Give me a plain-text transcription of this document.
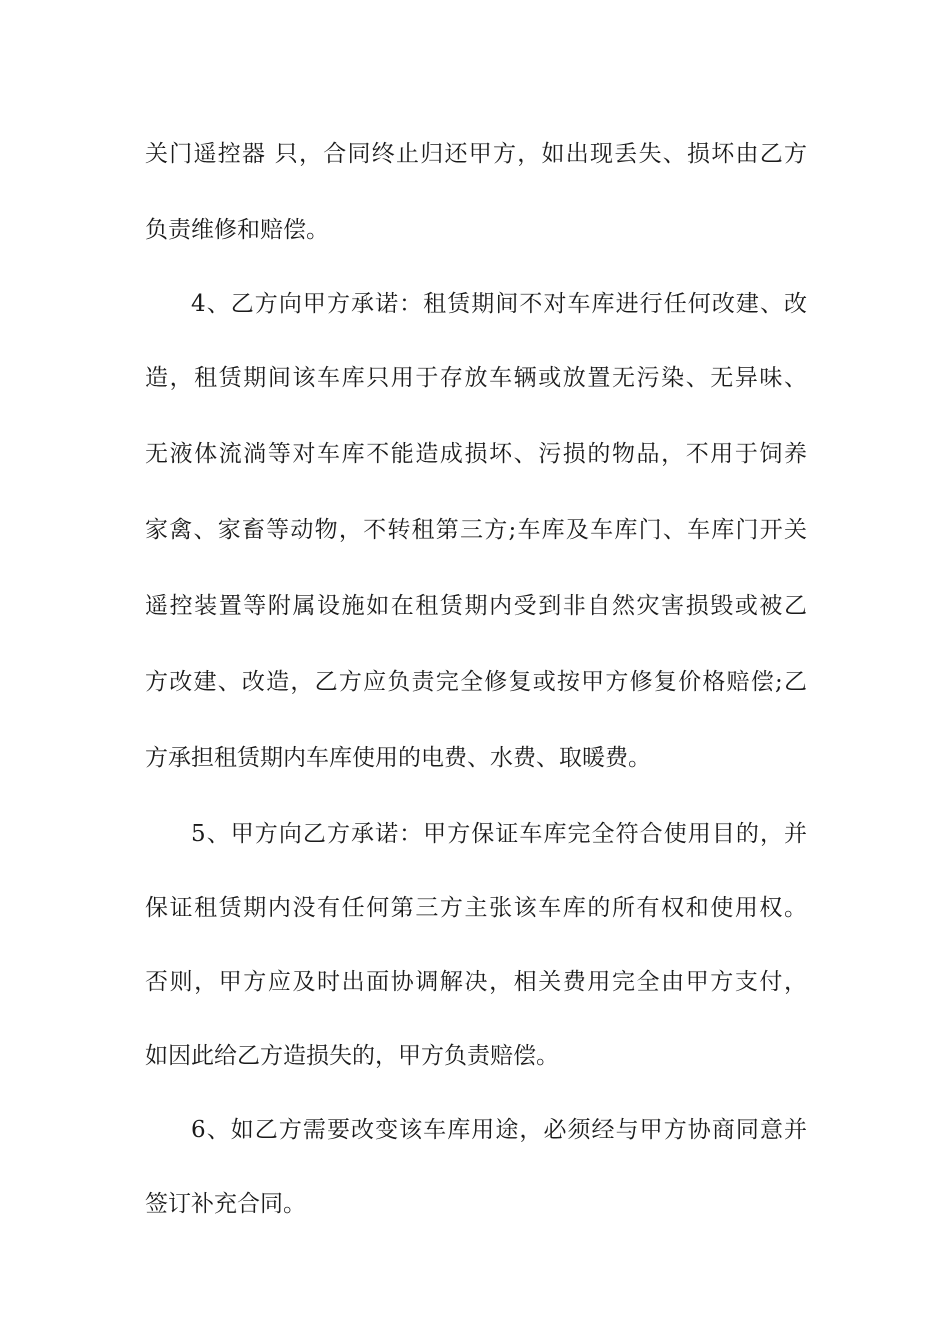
关门遥控器 只，合同终止归还甲方，如出现丢失、损坏由乙方
负责维修和赔偿。
4、乙方向甲方承诺：租赁期间不对车库进行任何改建、改
造，租赁期间该车库只用于存放车辆或放置无污染、无异味、
无液体流淌等对车库不能造成损坏、污损的物品，不用于饲养
家禽、家畜等动物，不转租第三方;车库及车库门、车库门开关
遥控装置等附属设施如在租赁期内受到非自然灾害损毁或被乙
方改建、改造，乙方应负责完全修复或按甲方修复价格赔偿;乙
方承担租赁期内车库使用的电费、水费、取暖费。
5、甲方向乙方承诺：甲方保证车库完全符合使用目的，并
保证租赁期内没有任何第三方主张该车库的所有权和使用权。
否则，甲方应及时出面协调解决，相关费用完全由甲方支付，
如因此给乙方造损失的，甲方负责赔偿。
6、如乙方需要改变该车库用途，必须经与甲方协商同意并
签订补充合同。
